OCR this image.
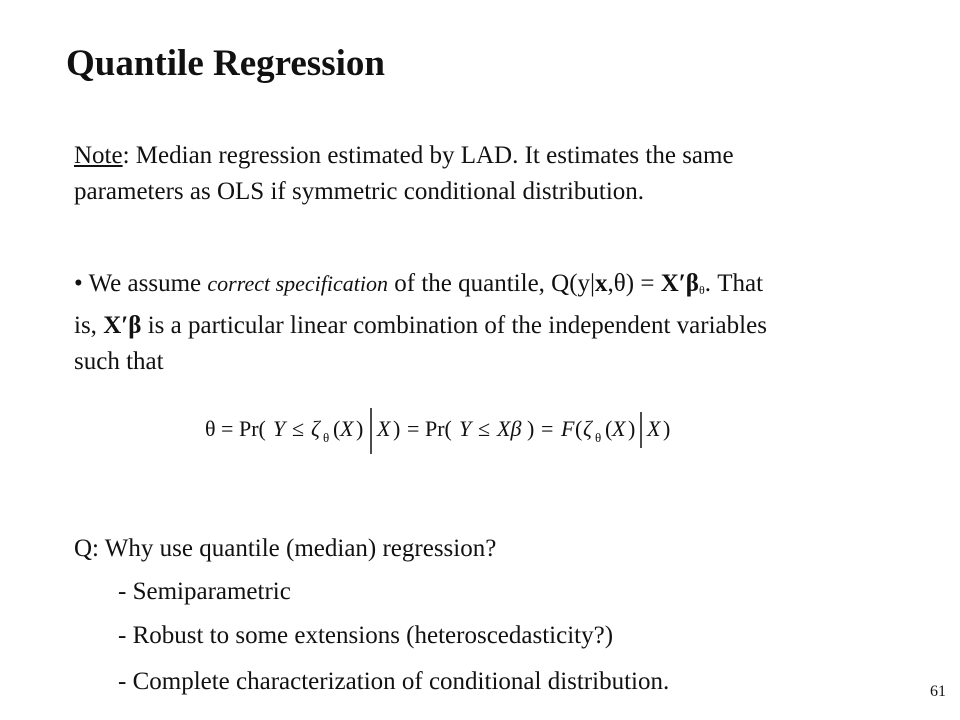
Quantile Regression
Note: Median regression estimated by LAD. It estimates the same
parameters as OLS if symmetric conditional distribution.
• We assume correct specification of the quantile, $Q(y|x,\theta) = X'\beta_\theta$. That
is, X′β is a particular linear combination of the independent variables
such that
θ = Pr( Y ≤ ζ θ ( X ) X ) = Pr( Y ≤ Xβ ) = F ( ζ θ ( X ) X )
Q: Why use quantile (median) regression?
- Semiparametric
- Robust to some extensions (heteroscedasticity?)
- Complete characterization of conditional distribution.	61
